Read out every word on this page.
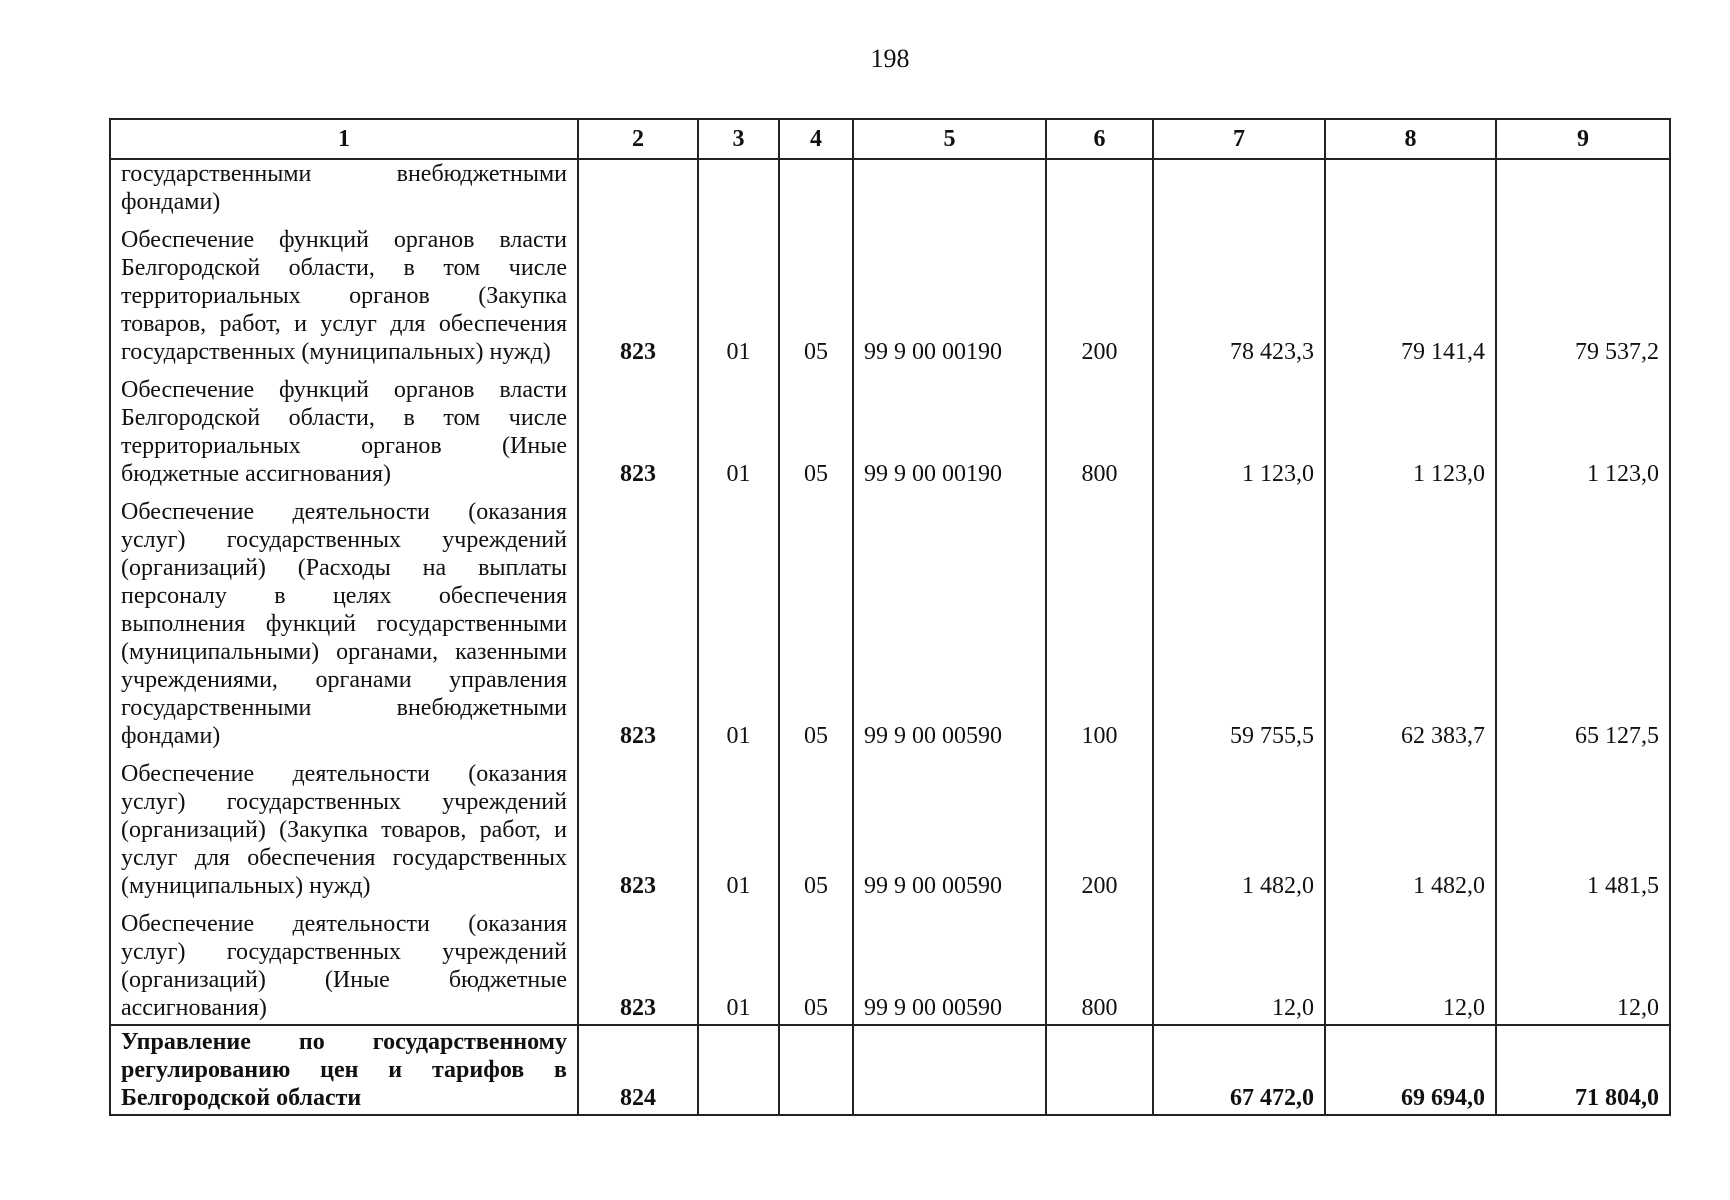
198
1	2	3	4	5	6	7	8	9
государственными внебюджетными фондами)								
Обеспечение функций органов власти Белгородской области, в том числе территориальных органов (Закупка товаров, работ, и услуг для обеспечения государственных (муниципальных) нужд)	823	01	05	99 9 00 00190	200	78 423,3	79 141,4	79 537,2
Обеспечение функций органов власти Белгородской области, в том числе территориальных органов (Иные бюджетные ассигнования)	823	01	05	99 9 00 00190	800	1 123,0	1 123,0	1 123,0
Обеспечение деятельности (оказания услуг) государственных учреждений (организаций) (Расходы на выплаты персоналу в целях обеспечения выполнения функций государственными (муниципальными) органами, казенными учреждениями, органами управления государственными внебюджетными фондами)	823	01	05	99 9 00 00590	100	59 755,5	62 383,7	65 127,5
Обеспечение деятельности (оказания услуг) государственных учреждений (организаций) (Закупка товаров, работ, и услуг для обеспечения государственных (муниципальных) нужд)	823	01	05	99 9 00 00590	200	1 482,0	1 482,0	1 481,5
Обеспечение деятельности (оказания услуг) государственных учреждений (организаций) (Иные бюджетные ассигнования)	823	01	05	99 9 00 00590	800	12,0	12,0	12,0
Управление по государственному регулированию цен и тарифов в Белгородской области	824					67 472,0	69 694,0	71 804,0
